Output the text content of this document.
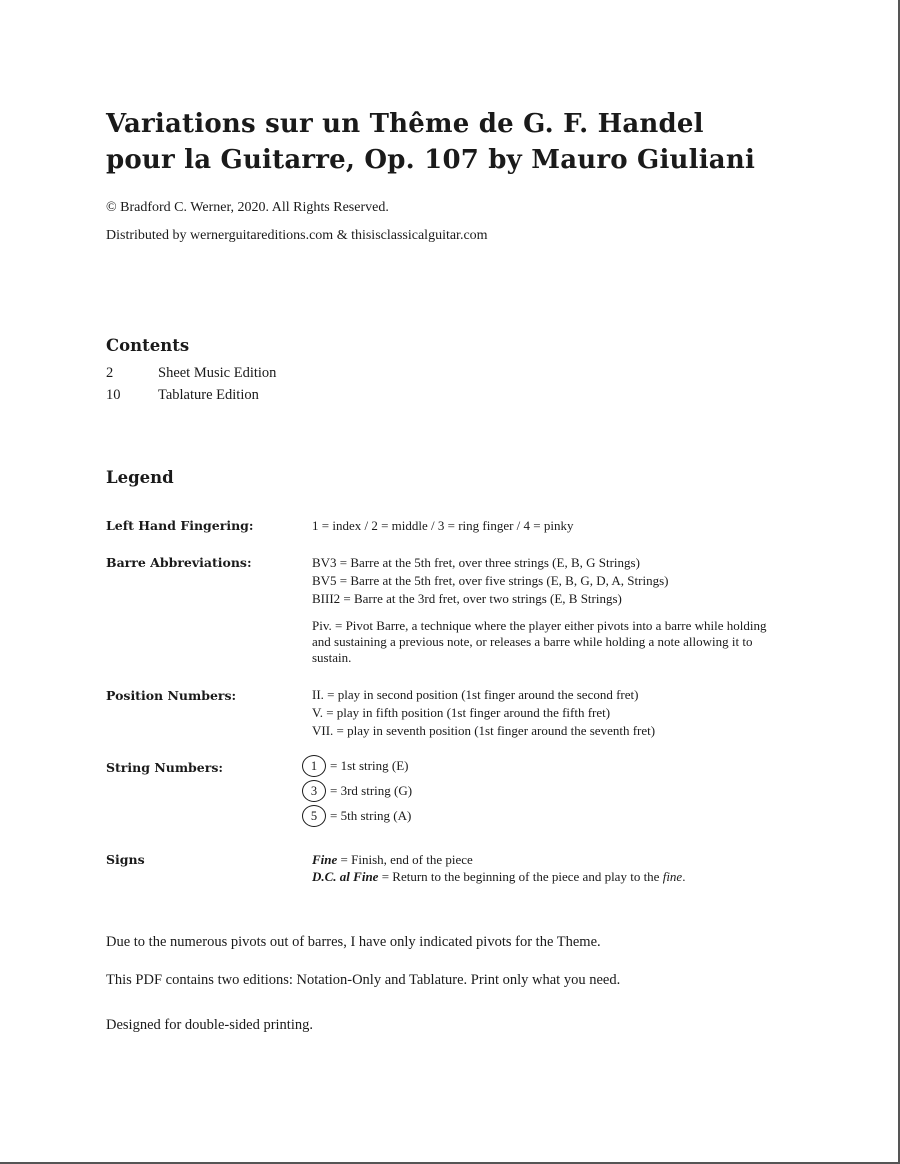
Variations sur un Thême de G. F. Handel
pour la Guitarre, Op. 107 by Mauro Giuliani
© Bradford C. Werner, 2020. All Rights Reserved.
Distributed by wernerguitareditions.com & thisisclassicalguitar.com
Contents
2	Sheet Music Edition
10	Tablature Edition
Legend
Left Hand Fingering:	1 = index / 2 = middle / 3 = ring finger / 4 = pinky
Barre Abbreviations:	BV3 = Barre at the 5th fret, over three strings (E, B, G Strings)
BV5 = Barre at the 5th fret, over five strings (E, B, G, D, A, Strings)
BIII2 = Barre at the 3rd fret, over two strings (E, B Strings)
Piv. = Pivot Barre, a technique where the player either pivots into a barre while holding and sustaining a previous note, or releases a barre while holding a note allowing it to sustain.
Position Numbers:	II. = play in second position (1st finger around the second fret)
V. = play in fifth position (1st finger around the fifth fret)
VII. = play in seventh position (1st finger around the seventh fret)
String Numbers:	1 = 1st string (E)
3 = 3rd string (G)
5 = 5th string (A)
Signs	Fine = Finish, end of the piece
D.C. al Fine = Return to the beginning of the piece and play to the fine.
Due to the numerous pivots out of barres, I have only indicated pivots for the Theme.
This PDF contains two editions: Notation-Only and Tablature. Print only what you need.
Designed for double-sided printing.
